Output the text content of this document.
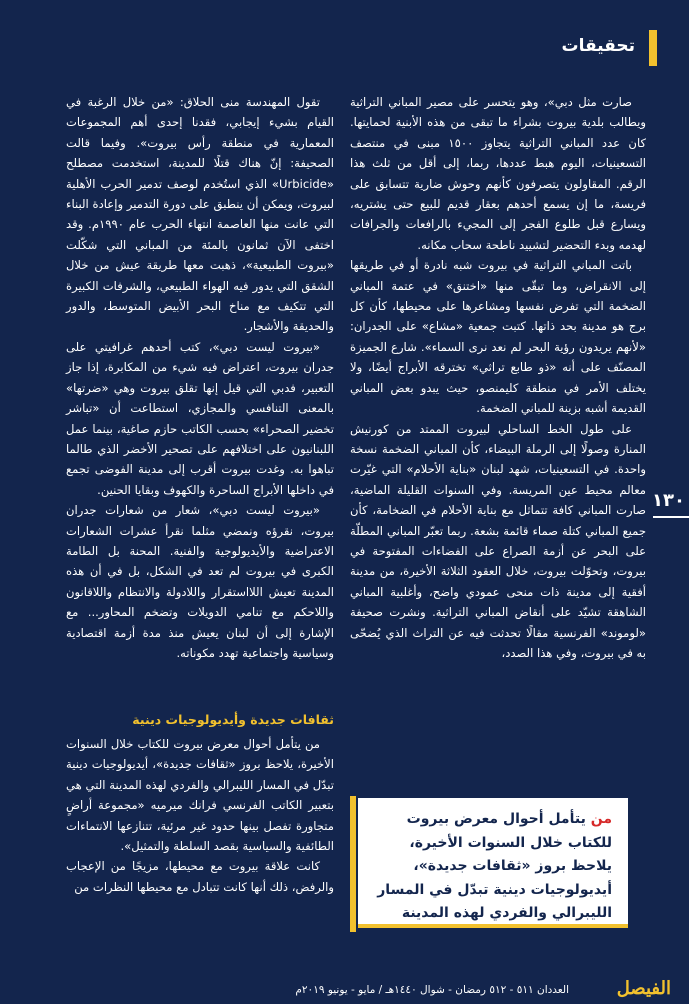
تحقيقات

صارت مثل دبي»، وهو يتحسر على مصير المباني التراثية ويطالب بلدية بيروت بشراء ما تبقى من هذه الأبنية لحمايتها. كان عدد المباني التراثية يتجاوز ١٥٠٠ مبنى في منتصف التسعينيات، اليوم هبط عددها، ربما، إلى أقل من ثلث هذا الرقم. المقاولون يتصرفون كأنهم وحوش ضارية تتسابق على فريسة، ما إن يسمع أحدهم بعقار قديم للبيع حتى يشتريه، ويسارع قبل طلوع الفجر إلى المجيء بالرافعات والجرافات لهدمه وبدء التحضير لتشييد ناطحة سحاب مكانه.

باتت المباني التراثية في بيروت شبه نادرة أو في طريقها إلى الانقراض، وما تبقّى منها «اختنق» في عتمة المباني الضخمة التي تفرض نفسها ومشاعرها على محيطها، كأن كل برج هو مدينة بحد ذاتها. كتبت جمعية «مشاع» على الجدران: «لأنهم يريدون رؤية البحر لم نعد نرى السماء». شارع الجميزة المصنّف على أنه «ذو طابع تراثي» تخترقه الأبراج أيضًا، ولا يختلف الأمر في منطقة كليمنصو، حيث يبدو بعض المباني القديمة أشبه بزينة للمباني الضخمة.

على طول الخط الساحلي لبيروت الممتد من كورنيش المنارة وصولًا إلى الرملة البيضاء، كأن المباني الضخمة نسخة واحدة. في التسعينيات، شهد لبنان «بناية الأحلام» التي غيّرت معالم محيط عين المريسة. وفي السنوات القليلة الماضية، صارت المباني كافة تتماثل مع بناية الأحلام في الضخامة، كأن جميع المباني كتلة صماء قائمة بشعة. ربما تعبّر المباني المطلّة على البحر عن أزمة الصراع على الفضاءات المفتوحة في بيروت، وتحوّلت بيروت، خلال العقود الثلاثة الأخيرة، من مدينة أفقية إلى مدينة ذات منحى عمودي واضح، وأغلبية المباني الشاهقة تشيّد على أنقاض المباني التراثية. ونشرت صحيفة «لوموند» الفرنسية مقالًا تحدثت فيه عن التراث الذي يُضحّى به في بيروت، وفي هذا الصدد،

تقول المهندسة منى الحلاق: «من خلال الرغبة في القيام بشيء إيجابي، فقدنا إحدى أهم المجموعات المعمارية في منطقة رأس بيروت». وفيما قالت الصحيفة: إنّ هناك قتلًا للمدينة، استخدمت مصطلح «Urbicide» الذي استُخدم لوصف تدمير الحرب الأهلية لبيروت، ويمكن أن ينطبق على دورة التدمير وإعادة البناء التي عانت منها العاصمة انتهاء الحرب عام ١٩٩٠م. وقد اختفى الآن ثمانون بالمئة من المباني التي شكّلت «بيروت الطبيعية»، ذهبت معها طريقة عيش من خلال الشقق التي يدور فيه الهواء الطبيعي، والشرفات الكبيرة التي تتكيف مع مناخ البحر الأبيض المتوسط، والدور والحديقة والأشجار.

«بيروت ليست دبي»، كتب أحدهم غرافيتي على جدران بيروت، اعتراض فيه شيء من المكابرة، إذا جاز التعبير، فدبي التي قيل إنها تقلق بيروت وهي «ضرتها» بالمعنى التنافسي والمجازي، استطاعت أن «تباشر تخضير الصحراء» بحسب الكاتب حازم صاغية، بينما عمل اللبنانيون على اختلافهم على تصحير الأخضر الذي طالما تباهوا به. وغدت بيروت أقرب إلى مدينة الفوضى تجمع في داخلها الأبراج الساحرة والكهوف وبقايا الحنين.

«بيروت ليست دبي»، شعار من شعارات جدران بيروت، نقرؤه ونمضي مثلما نقرأ عشرات الشعارات الاعتراضية والأيديولوجية والفنية. المحنة بل الطامة الكبرى في بيروت لم تعد في الشكل، بل في أن هذه المدينة تعيش اللااستقرار واللادولة والانتظام واللاقانون واللاحكم مع تنامي الدويلات وتضخم المحاور... مع الإشارة إلى أن لبنان يعيش منذ مدة أزمة اقتصادية وسياسية واجتماعية تهدد مكوناته.

ثقافات جديدة وأيديولوجيات دينية

من يتأمل أحوال معرض بيروت للكتاب خلال السنوات الأخيرة، يلاحظ بروز «ثقافات جديدة»، أيديولوجيات دينية تبدّل في المسار الليبرالي والفردي لهذه المدينة التي هي بتعبير الكاتب الفرنسي فرانك ميرميه «مجموعة أراضٍ متجاورة تفصل بينها حدود غير مرئية، تتنازعها الانتماءات الطائفية والسياسية بقصد السلطة والتمثيل».

كانت علاقة بيروت مع محيطها، مزيجًا من الإعجاب والرفض، ذلك أنها كانت تتبادل مع محيطها النظرات من

١٣٠
من يتأمل أحوال معرض بيروت للكتاب خلال السنوات الأخيرة، يلاحظ بروز «ثقافات جديدة»، أيديولوجيات دينية تبدّل في المسار الليبرالي والفردي لهذه المدينة
الفيصل
العددان ٥١١ - ٥١٢ رمضان - شوال ١٤٤٠هـ / مايو - يونيو ٢٠١٩م
